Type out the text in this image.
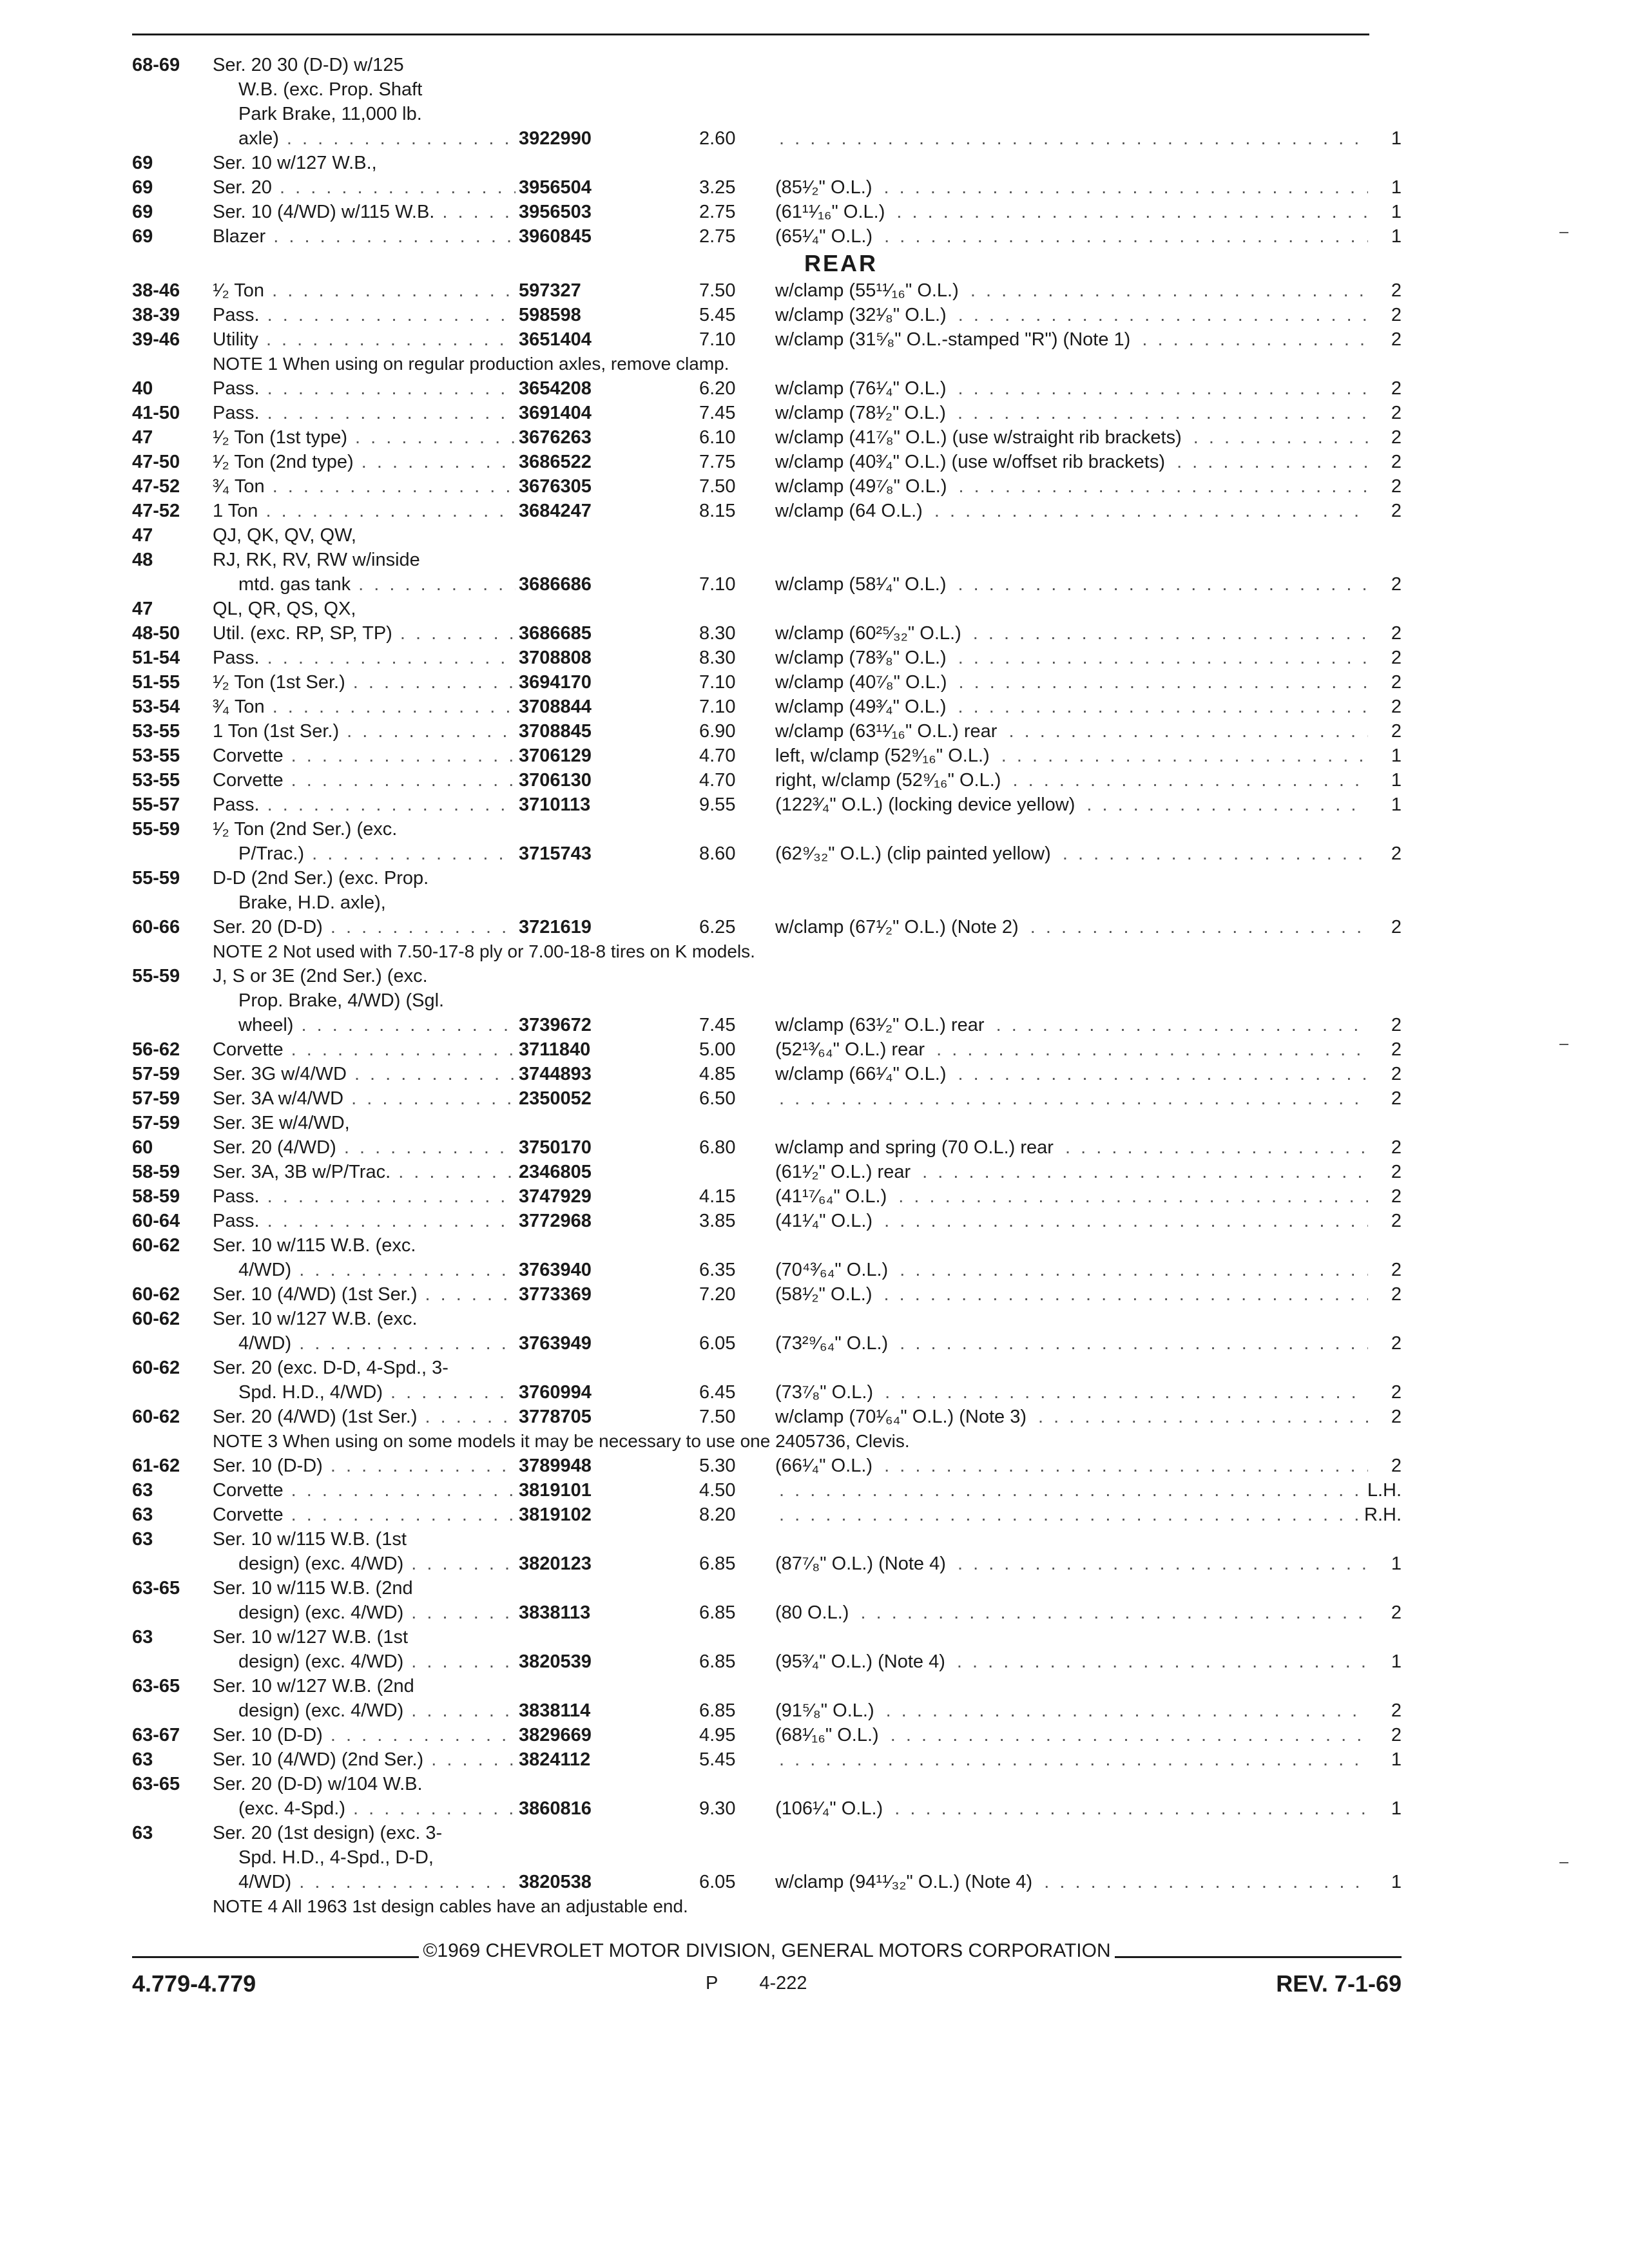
68-69 Ser. 20 30 (D-D) w/125
W.B. (exc. Prop. Shaft
Park Brake, 11,000 lb.
axle) . . .	3922990	2.60 . . .	1
69	Ser. 10 w/127 W.B.,
69	Ser. 20 . . .	3956504	3.25 (85¹⁄₂" O.L.) . . .	1
69	Ser. 10 (4/WD) w/115 W.B. . . .	3956503	2.75 (61¹¹⁄₁₆" O.L.) . . .	1
69	Blazer . . .	3960845	2.75 (65¹⁄₄" O.L.) . . .	1
REAR
38-46 ¹⁄₂ Ton . . .	597327	7.50 w/clamp (55¹¹⁄₁₆" O.L.) . . .	2
38-39 Pass. . . .	598598	5.45 w/clamp (32¹⁄₈" O.L.) . . .	2
39-46 Utility . . .	3651404	7.10 w/clamp (31⁵⁄₈" O.L.-stamped "R") (Note 1) . . .	2
NOTE 1 When using on regular production axles, remove clamp.
40	Pass. . . .	3654208	6.20 w/clamp (76¹⁄₄" O.L.) . . .	2
41-50 Pass. . . .	3691404	7.45 w/clamp (78¹⁄₂" O.L.) . . .	2
47	¹⁄₂ Ton (1st type) . . .	3676263	6.10 w/clamp (41⁷⁄₈" O.L.) (use w/straight rib brackets) . . .	2
47-50 ¹⁄₂ Ton (2nd type) . . .	3686522	7.75 w/clamp (40³⁄₄" O.L.) (use w/offset rib brackets) . . .	2
47-52 ³⁄₄ Ton . . .	3676305	7.50 w/clamp (49⁷⁄₈" O.L.) . . .	2
47-52 1 Ton . . .	3684247	8.15 w/clamp (64 O.L.) . . .	2
47	QJ, QK, QV, QW,
48	RJ, RK, RV, RW w/inside
mtd. gas tank . . .	3686686	7.10 w/clamp (58¹⁄₄" O.L.) . . .	2
47	QL, QR, QS, QX,
48-50 Util. (exc. RP, SP, TP) . . .	3686685	8.30 w/clamp (60²⁵⁄₃₂" O.L.) . . .	2
51-54 Pass. . . .	3708808	8.30 w/clamp (78³⁄₈" O.L.) . . .	2
51-55 ¹⁄₂ Ton (1st Ser.) . . .	3694170	7.10 w/clamp (40⁷⁄₈" O.L.) . . .	2
53-54 ³⁄₄ Ton . . .	3708844	7.10 w/clamp (49³⁄₄" O.L.) . . .	2
53-55 1 Ton (1st Ser.) . . .	3708845	6.90 w/clamp (63¹¹⁄₁₆" O.L.) rear . . .	2
53-55 Corvette . . .	3706129	4.70 left, w/clamp (52⁹⁄₁₆" O.L.) . . .	1
53-55 Corvette . . .	3706130	4.70 right, w/clamp (52⁹⁄₁₆" O.L.) . . .	1
55-57 Pass. . . .	3710113	9.55 (122³⁄₄" O.L.) (locking device yellow) . . .	1
55-59 ¹⁄₂ Ton (2nd Ser.) (exc.
P/Trac.) . . .	3715743	8.60 (62⁹⁄₃₂" O.L.) (clip painted yellow) . . .	2
55-59 D-D (2nd Ser.) (exc. Prop.
Brake, H.D. axle),
60-66 Ser. 20 (D-D) . . .	3721619	6.25 w/clamp (67¹⁄₂" O.L.) (Note 2) . . .	2
NOTE 2 Not used with 7.50-17-8 ply or 7.00-18-8 tires on K models.
55-59 J, S or 3E (2nd Ser.) (exc.
Prop. Brake, 4/WD) (Sgl.
wheel) . . .	3739672	7.45 w/clamp (63¹⁄₂" O.L.) rear . . .	2
56-62 Corvette . . .	3711840	5.00 (52¹³⁄₆₄" O.L.) rear . . .	2
57-59 Ser. 3G w/4/WD . . .	3744893	4.85 w/clamp (66¹⁄₄" O.L.) . . .	2
57-59 Ser. 3A w/4/WD . . .	2350052	6.50 . . .	2
57-59 Ser. 3E w/4/WD,
60	Ser. 20 (4/WD) . . .	3750170	6.80 w/clamp and spring (70 O.L.) rear . . .	2
58-59 Ser. 3A, 3B w/P/Trac. . . .	2346805	(61¹⁄₂" O.L.) rear . . .	2
58-59 Pass. . . .	3747929	4.15 (41¹⁷⁄₆₄" O.L.) . . .	2
60-64 Pass. . . .	3772968	3.85 (41¹⁄₄" O.L.) . . .	2
60-62 Ser. 10 w/115 W.B. (exc.
4/WD) . . .	3763940	6.35 (70⁴³⁄₆₄" O.L.) . . .	2
60-62 Ser. 10 (4/WD) (1st Ser.) . . .	3773369	7.20 (58¹⁄₂" O.L.) . . .	2
60-62 Ser. 10 w/127 W.B. (exc.
4/WD) . . .	3763949	6.05 (73²⁹⁄₆₄" O.L.) . . .	2
60-62 Ser. 20 (exc. D-D, 4-Spd., 3-
Spd. H.D., 4/WD) . . .	3760994	6.45 (73⁷⁄₈" O.L.) . . .	2
60-62 Ser. 20 (4/WD) (1st Ser.) . . .	3778705	7.50 w/clamp (70¹⁄₆₄" O.L.) (Note 3) . . .	2
NOTE 3 When using on some models it may be necessary to use one 2405736, Clevis.
61-62 Ser. 10 (D-D) . . .	3789948	5.30 (66¹⁄₄" O.L.) . . .	2
63	Corvette . . .	3819101	4.50 . . .	L.H.
63	Corvette . . .	3819102	8.20 . . .	R.H.
63	Ser. 10 w/115 W.B. (1st
design) (exc. 4/WD) . . .	3820123	6.85 (87⁷⁄₈" O.L.) (Note 4) . . .	1
63-65 Ser. 10 w/115 W.B. (2nd
design) (exc. 4/WD) . . .	3838113	6.85 (80 O.L.) . . .	2
63	Ser. 10 w/127 W.B. (1st
design) (exc. 4/WD) . . .	3820539	6.85 (95³⁄₄" O.L.) (Note 4) . . .	1
63-65 Ser. 10 w/127 W.B. (2nd
design) (exc. 4/WD) . . .	3838114	6.85 (91⁵⁄₈" O.L.) . . .	2
63-67 Ser. 10 (D-D) . . .	3829669	4.95 (68¹⁄₁₆" O.L.) . . .	2
63	Ser. 10 (4/WD) (2nd Ser.) . . .	3824112	5.45 . . .	1
63-65 Ser. 20 (D-D) w/104 W.B.
(exc. 4-Spd.) . . .	3860816	9.30 (106¹⁄₄" O.L.) . . .	1
63	Ser. 20 (1st design) (exc. 3-
Spd. H.D., 4-Spd., D-D,
4/WD) . . .	3820538	6.05 w/clamp (94¹¹⁄₃₂" O.L.) (Note 4) . . .	1
NOTE 4 All 1963 1st design cables have an adjustable end.
©1969 CHEVROLET MOTOR DIVISION, GENERAL MOTORS CORPORATION
4.779-4.779	P 4-222	REV. 7-1-69
